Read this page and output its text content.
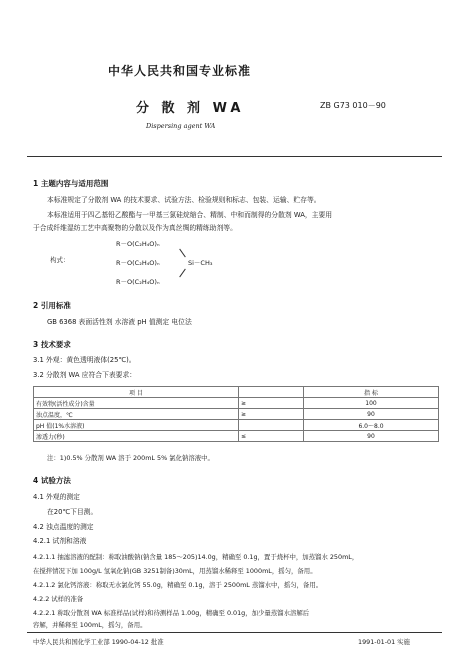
中华人民共和国专业标准
分 散 剂 WA	ZB G73 010－90
Dispersing agent WA
1 主题内容与适用范围
本标准规定了分散剂 WA 的技术要求、试验方法、检验规则和标志、包装、运输、贮存等。
本标准适用于四乙基铅乙酸酯与一甲基三氯硅烷缩合、精制、中和而制得的分散剂 WA，主要用
于合成纤维湿纺工艺中高聚物的分散以及作为真丝绸的精练助剂等。
构式：
R－O(C₂H₄O)ₙ
R－O(C₂H₄O)ₙ	Si－CH₃
R－O(C₂H₄O)ₙ
2 引用标准
GB 6368 表面活性剂 水溶液 pH 值测定 电位法
3 技术要求
3.1 外观：黄色透明液体(25℃)。
3.2 分散剂 WA 应符合下表要求：
项 目		指 标
有效物(活性成分)含量	≥	100
浊点温度，℃	≥	90
pH 值(1%水溶液)		6.0～8.0
渗透力(秒)	≤	90
注：1)0.5% 分散剂 WA 溶于 200mL 5% 氯化钠溶液中。
4 试验方法
4.1 外观的测定
在20℃下目测。
4.2 浊点温度的测定
4.2.1 试剂和溶液
4.2.1.1 抽滤溶液的配制：称取油酸钠(钠含量 185～205)14.0g，精确至 0.1g，置于烧杯中，加蒸馏水 250mL，
在搅拌情况下加 100g/L 氢氧化钠(GB 3251制备)30mL，用蒸馏水稀释至 1000mL，摇匀，备用。
4.2.1.2 氯化钙溶液：称取无水氯化钙 55.0g，精确至 0.1g，溶于 2500mL 蒸馏水中，摇匀，备用。
4.2.2 试样的准备
4.2.2.1 称取分散剂 WA 标准样品(试样)和待测样品 1.00g，精确至 0.01g，加少量蒸馏水溶解后
容解，并稀释至 100mL，摇匀，备用。
中华人民共和国化学工业部 1990-04-12 批准	1991-01-01 实施
